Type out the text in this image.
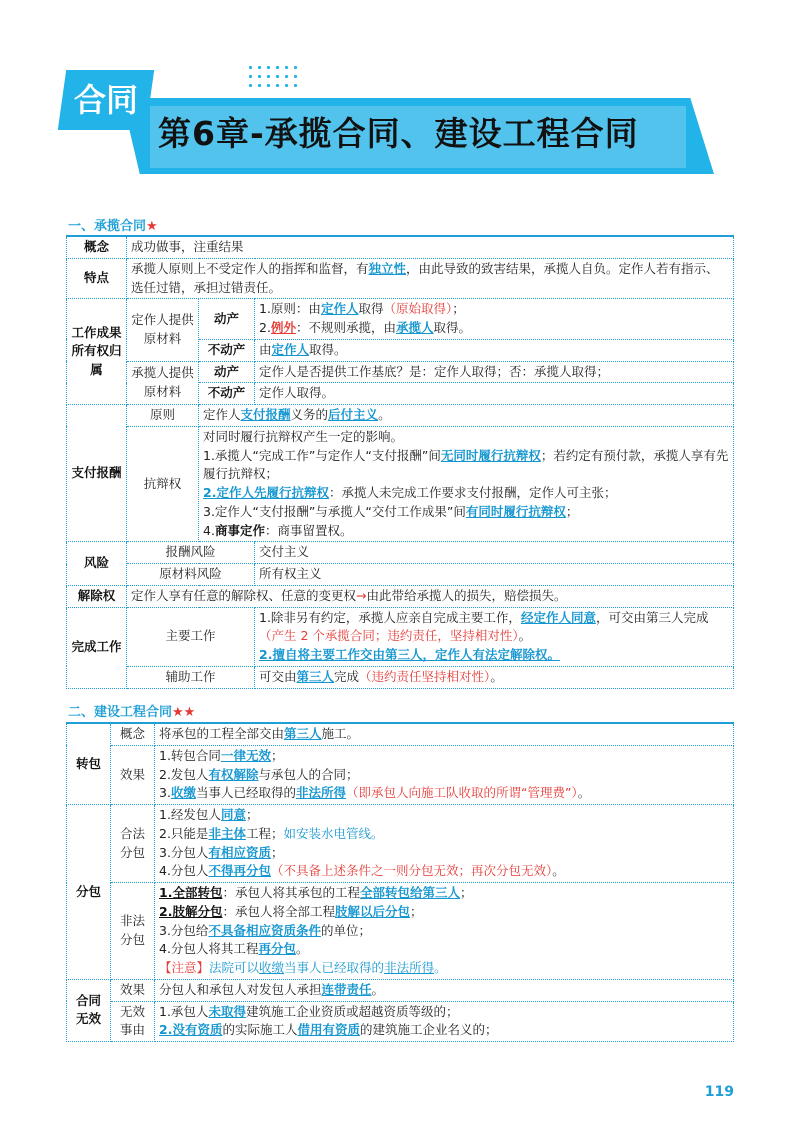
合同
第6章-承揽合同、建设工程合同
一、承揽合同★
概念	成功做事，注重结果		
特点	承揽人原则上不受定作人的指挥和监督，有独立性，由此导致的致害结果，承揽人自负。定作人若有指示、选任过错，承担过错责任。		
工作成果所有权归属	定作人提供原材料	动产	1.原则：由定作人取得（原始取得）；
2.例外：不规则承揽，由承揽人取得。
		不动产	由定作人取得。
	承揽人提供原材料	动产	定作人是否提供工作基底？是：定作人取得；否：承揽人取得；
		不动产	定作人取得。
支付报酬	原则	定作人支付报酬义务的后付主义。	
	抗辩权	对同时履行抗辩权产生一定的影响。
1.承揽人“完成工作”与定作人“支付报酬”间无同时履行抗辩权；若约定有预付款，承揽人享有先履行抗辩权；
2.定作人先履行抗辩权：承揽人未完成工作要求支付报酬，定作人可主张；
3.定作人“支付报酬”与承揽人“交付工作成果”间有同时履行抗辩权；
4.商事定作：商事留置权。	
风险	报酬风险		交付主义
	原材料风险		所有权主义
解除权	定作人享有任意的解除权、任意的变更权→由此带给承揽人的损失，赔偿损失。		
完成工作	主要工作		1.除非另有约定，承揽人应亲自完成主要工作，经定作人同意，可交由第三人完成
（产生 2 个承揽合同；违约责任，坚持相对性）。
2.擅自将主要工作交由第三人，定作人有法定解除权。
	辅助工作		可交由第三人完成（违约责任坚持相对性）。
二、建设工程合同★★
转包	概念	将承包的工程全部交由第三人施工。
	效果	1.转包合同一律无效；
2.发包人有权解除与承包人的合同；
3.收缴当事人已经取得的非法所得（即承包人向施工队收取的所谓“管理费”）。
分包	合法分包	1.经发包人同意；
2.只能是非主体工程；如安装水电管线。
3.分包人有相应资质；
4.分包人不得再分包（不具备上述条件之一则分包无效；再次分包无效）。
	非法分包	1.全部转包：承包人将其承包的工程全部转包给第三人；
2.肢解分包：承包人将全部工程肢解以后分包；
3.分包给不具备相应资质条件的单位；
4.分包人将其工程再分包。
【注意】法院可以收缴当事人已经取得的非法所得。
合同无效	效果	分包人和承包人对发包人承担连带责任。
	无效事由	1.承包人未取得建筑施工企业资质或超越资质等级的；
2.没有资质的实际施工人借用有资质的建筑施工企业名义的；
119
